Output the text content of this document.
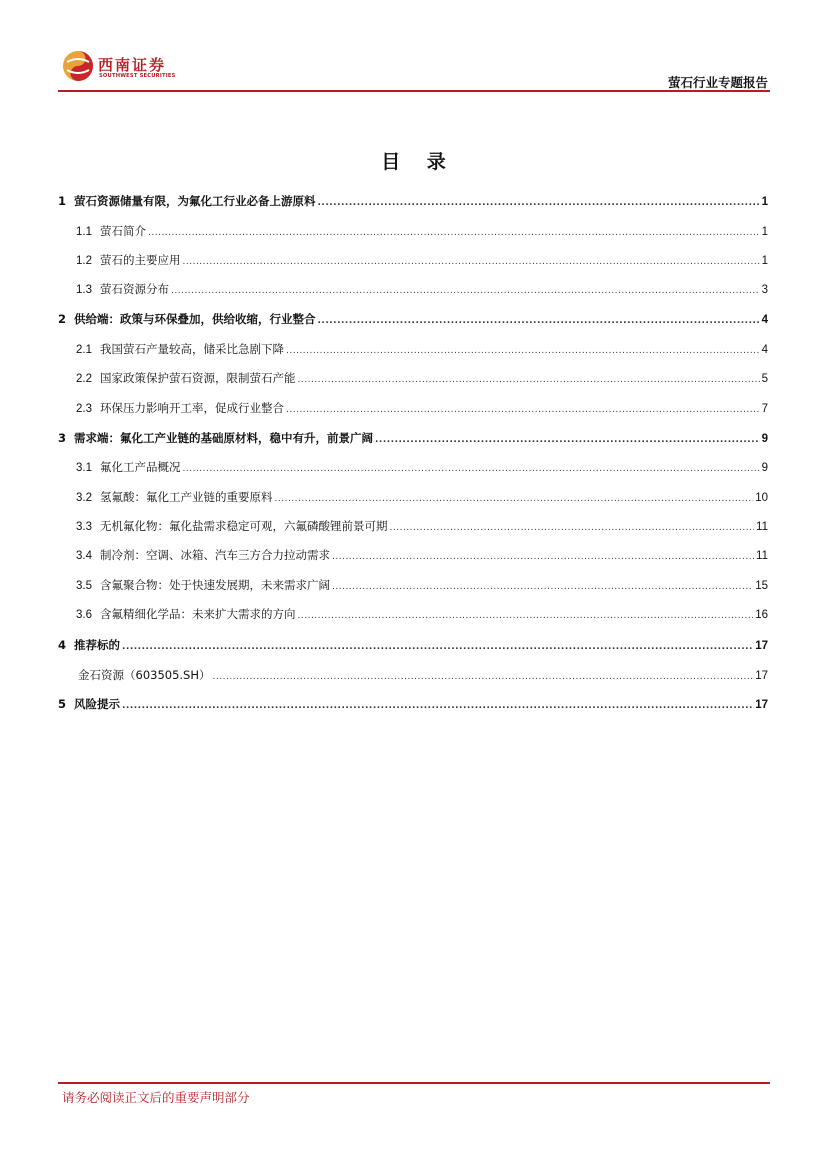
西南证券
SOUTHWEST SECURITIES	萤石行业专题报告
目 录
1 萤石资源储量有限，为氟化工行业必备上游原料 .....	1
1.1 萤石简介 .....	1
1.2 萤石的主要应用 .....	1
1.3 萤石资源分布 .....	3
2 供给端：政策与环保叠加，供给收缩，行业整合 .....	4
2.1 我国萤石产量较高，储采比急剧下降 .....	4
2.2 国家政策保护萤石资源，限制萤石产能 .....	5
2.3 环保压力影响开工率，促成行业整合 .....	7
3 需求端：氟化工产业链的基础原材料，稳中有升，前景广阔 .....	9
3.1 氟化工产品概况 .....	9
3.2 氢氟酸：氟化工产业链的重要原料 .....	10
3.3 无机氟化物：氟化盐需求稳定可观，六氟磷酸锂前景可期 .....	11
3.4 制冷剂：空调、冰箱、汽车三方合力拉动需求 .....	11
3.5 含氟聚合物：处于快速发展期，未来需求广阔 .....	15
3.6 含氟精细化学品：未来扩大需求的方向 .....	16
4 推荐标的 .....	17
金石资源（603505.SH） .....	17
5 风险提示 .....	17
请务必阅读正文后的重要声明部分
